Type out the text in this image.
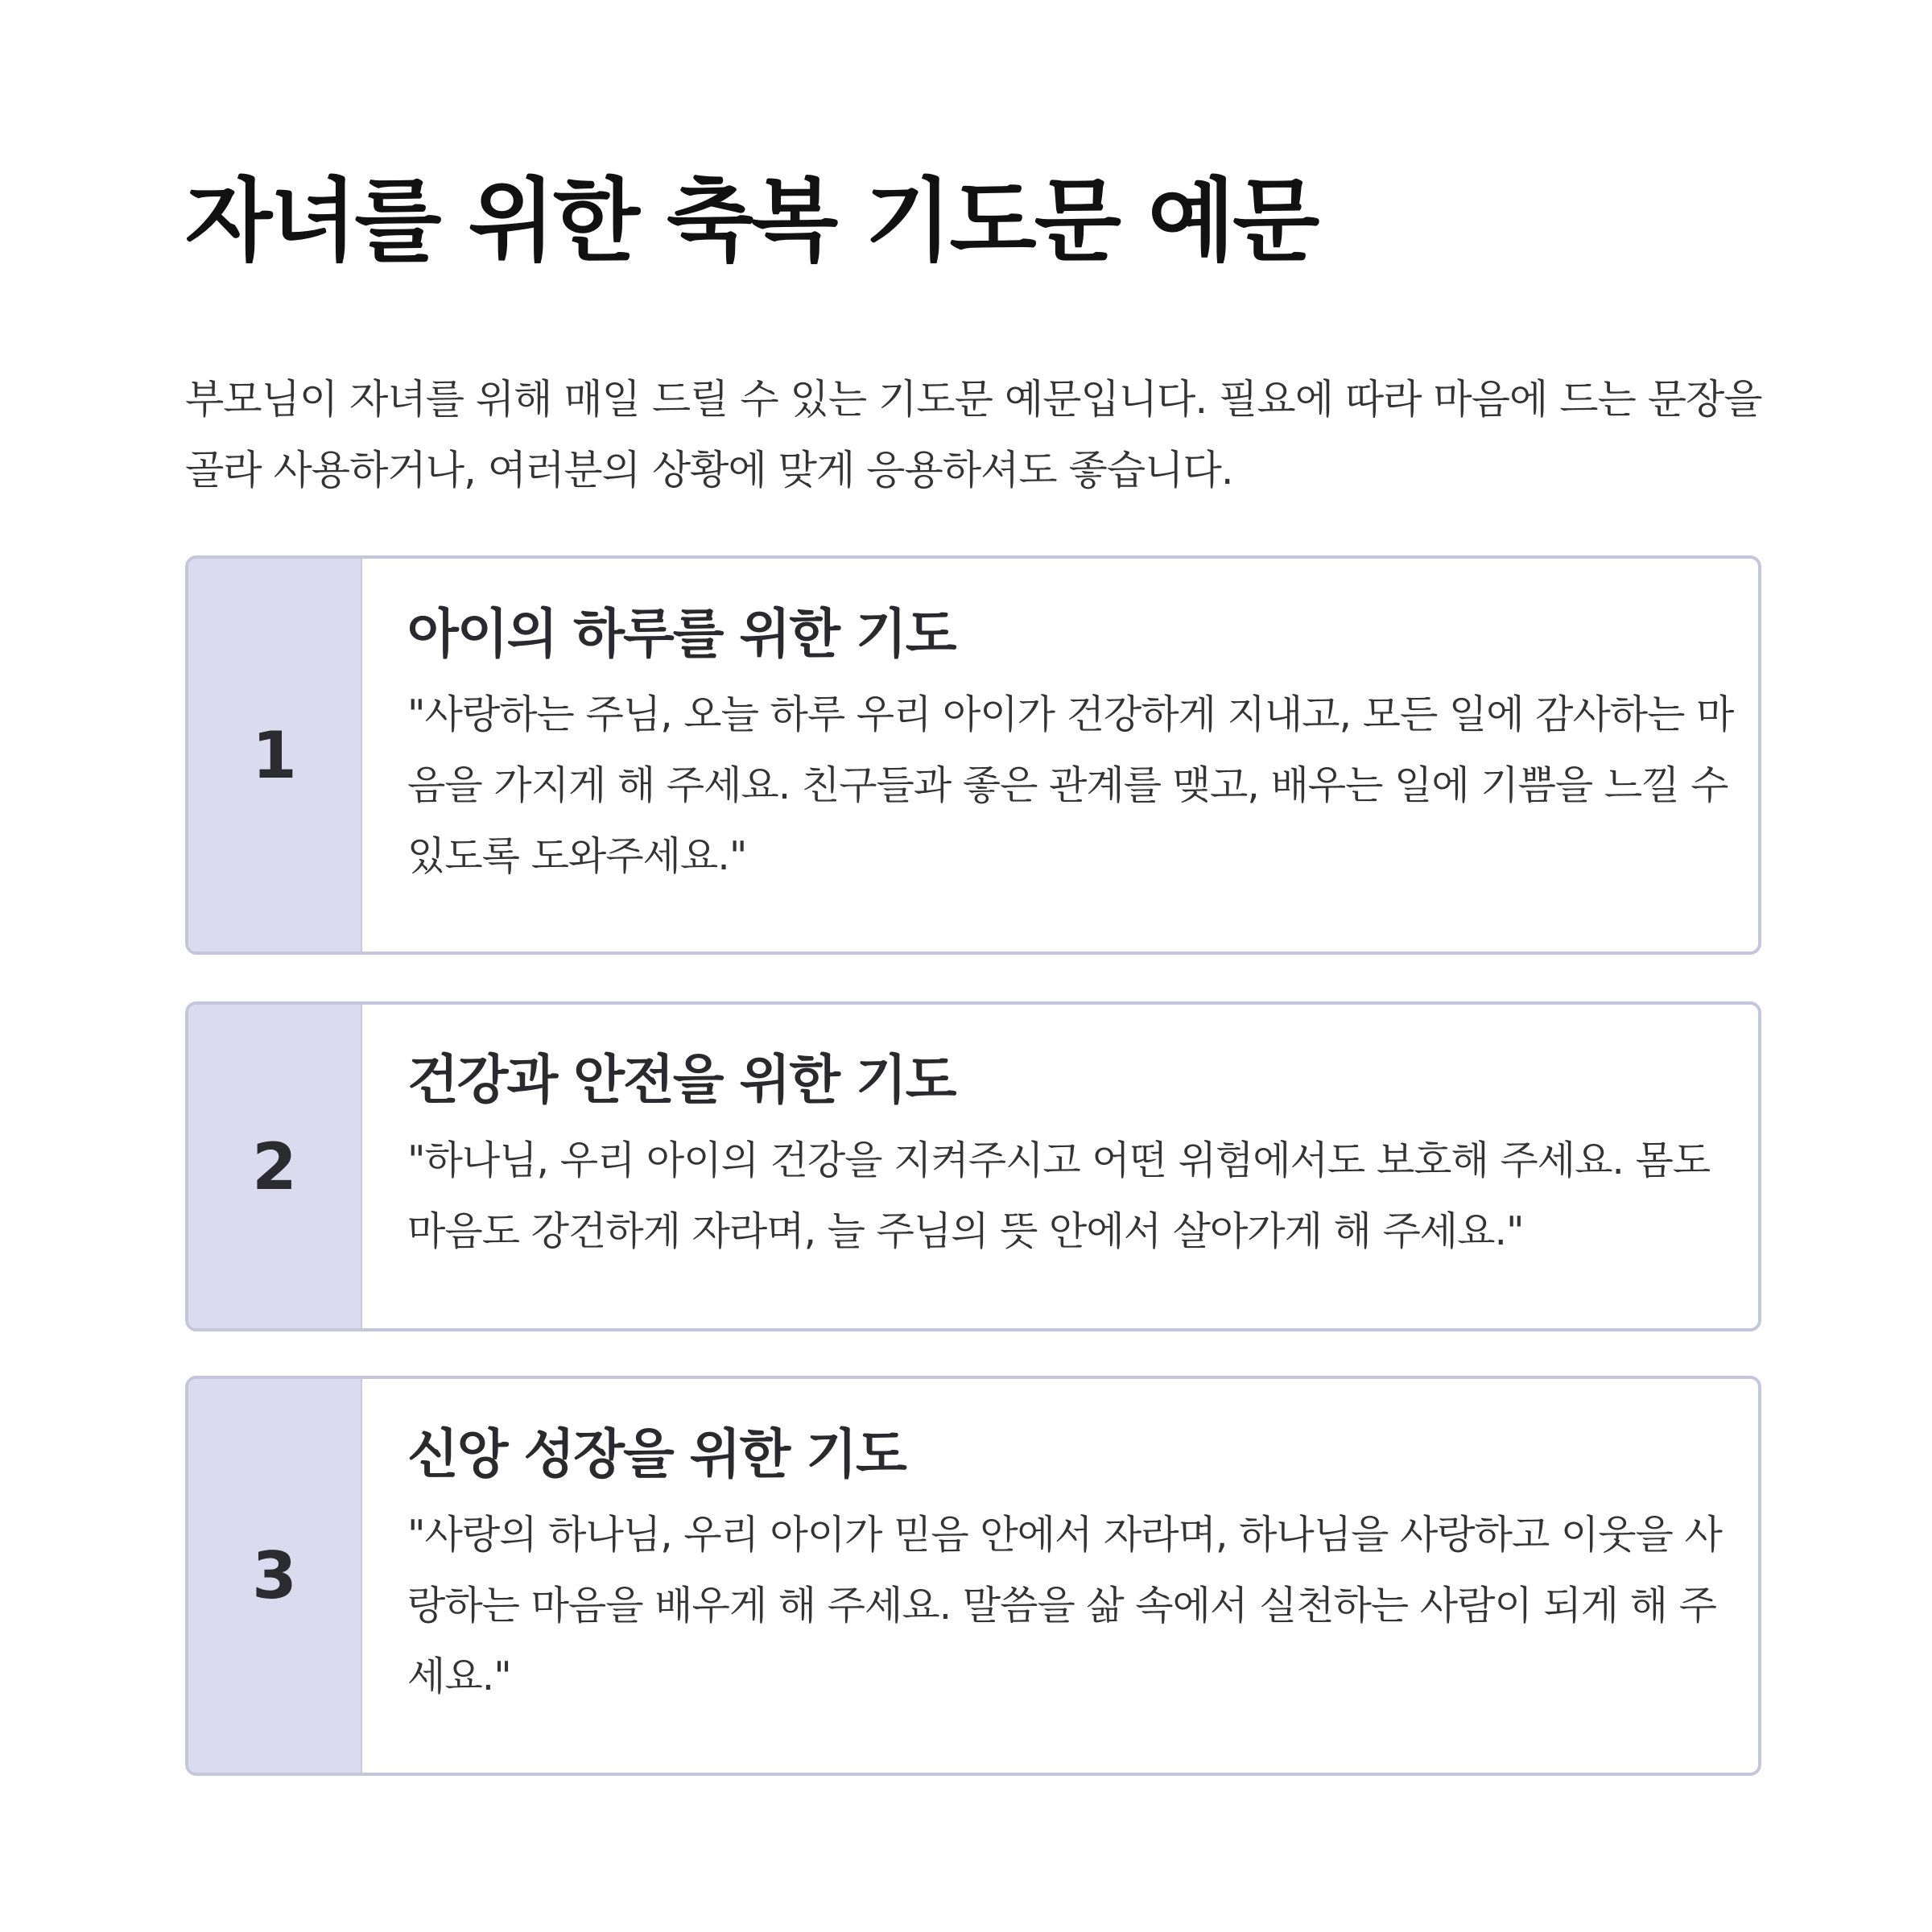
자녀를 위한 축복 기도문 예문

부모님이 자녀를 위해 매일 드릴 수 있는 기도문 예문입니다. 필요에 따라 마음에 드는 문장을 골라 사용하거나, 여러분의 상황에 맞게 응용하셔도 좋습니다.

1
아이의 하루를 위한 기도

"사랑하는 주님, 오늘 하루 우리 아이가 건강하게 지내고, 모든 일에 감사하는 마음을 가지게 해 주세요. 친구들과 좋은 관계를 맺고, 배우는 일에 기쁨을 느낄 수 있도록 도와주세요."

2
건강과 안전을 위한 기도

"하나님, 우리 아이의 건강을 지켜주시고 어떤 위험에서도 보호해 주세요. 몸도 마음도 강건하게 자라며, 늘 주님의 뜻 안에서 살아가게 해 주세요."

3
신앙 성장을 위한 기도

"사랑의 하나님, 우리 아이가 믿음 안에서 자라며, 하나님을 사랑하고 이웃을 사랑하는 마음을 배우게 해 주세요. 말씀을 삶 속에서 실천하는 사람이 되게 해 주세요."
